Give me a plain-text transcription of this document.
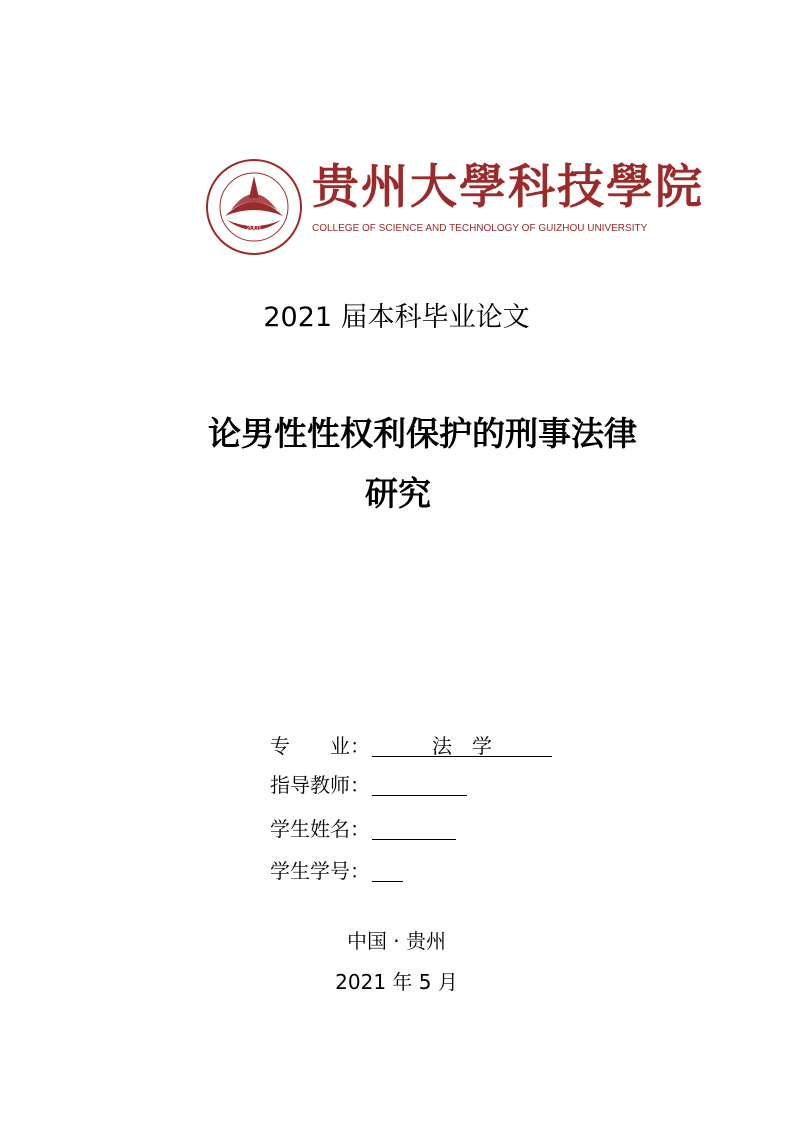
2001
贵州大學科技學院
COLLEGE OF SCIENCE AND TECHNOLOGY OF GUIZHOU UNIVERSITY
2021 届本科毕业论文
论男性性权利保护的刑事法律
研究
专　　业：	法　学
指导教师：
学生姓名：
学生学号：
中国 · 贵州
2021 年 5 月
